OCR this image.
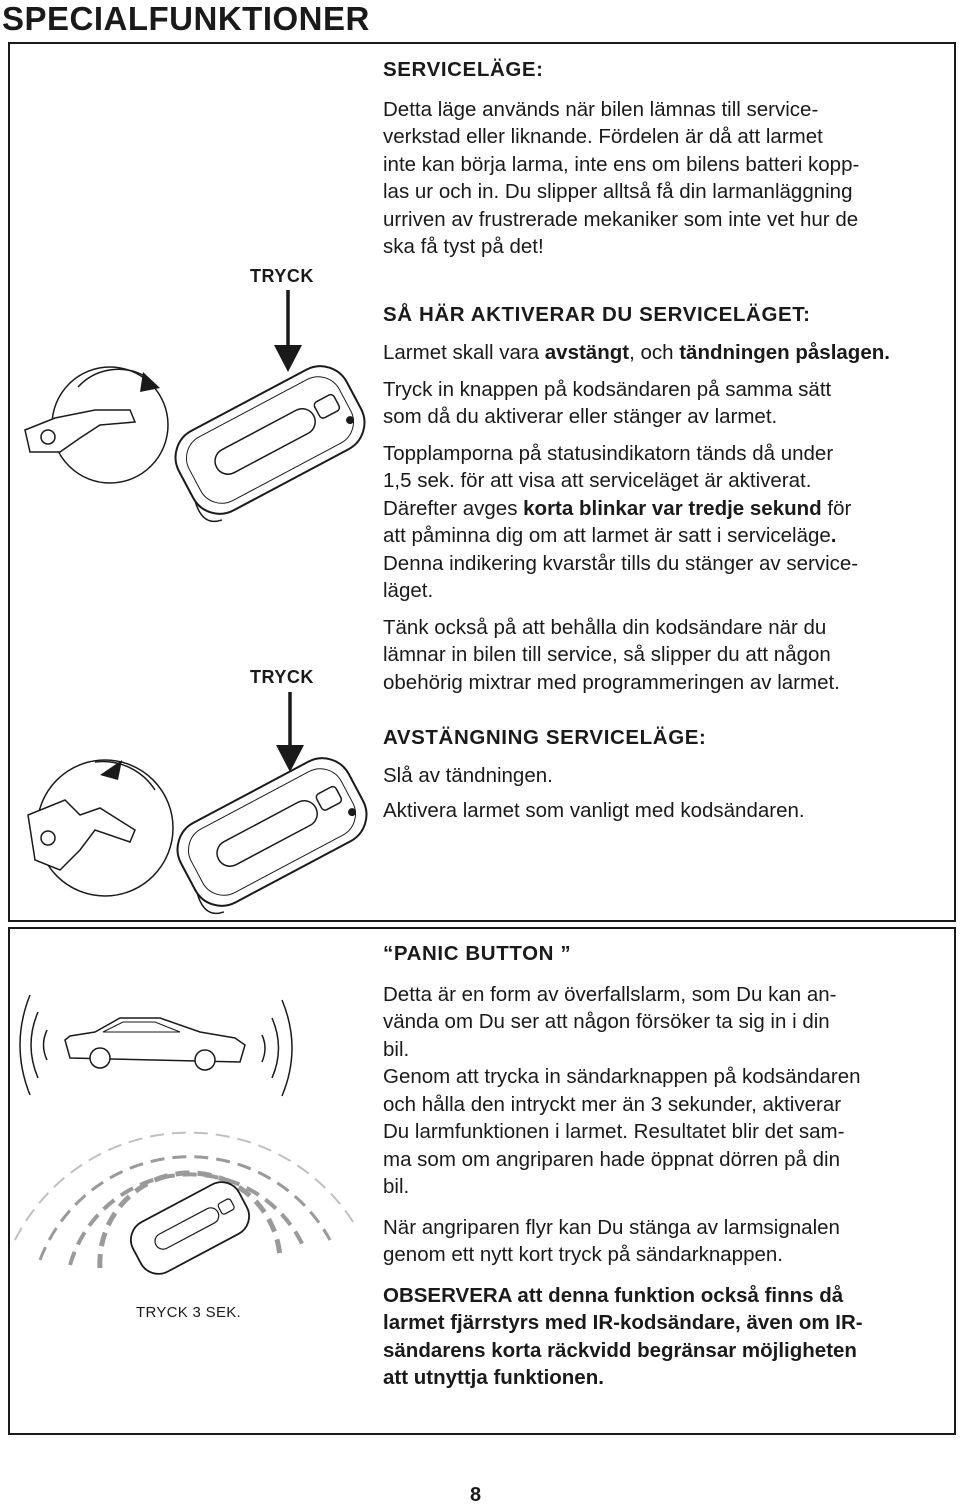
SPECIALFUNKTIONER
TRYCK
TRYCK

SERVICELÄGE:

Detta läge används när bilen lämnas till service-

verkstad eller liknande. Fördelen är då att larmet

inte kan börja larma, inte ens om bilens batteri kopp-

las ur och in. Du slipper alltså få din larmanläggning

urriven av frustrerade mekaniker som inte vet hur de

ska få tyst på det!

SÅ HÄR AKTIVERAR DU SERVICELÄGET:

Larmet skall vara avstängt, och tändningen påslagen.

Tryck in knappen på kodsändaren på samma sätt

som då du aktiverar eller stänger av larmet.

Topplamporna på statusindikatorn tänds då under

1,5 sek. för att visa att serviceläget är aktiverat.

Därefter avges korta blinkar var tredje sekund för

att påminna dig om att larmet är satt i serviceläge.

Denna indikering kvarstår tills du stänger av service-

läget.

Tänk också på att behålla din kodsändare när du

lämnar in bilen till service, så slipper du att någon

obehörig mixtrar med programmeringen av larmet.

AVSTÄNGNING SERVICELÄGE:

Slå av tändningen.

Aktivera larmet som vanligt med kodsändaren.

TRYCK 3 SEK.

“PANIC BUTTON ”

Detta är en form av överfallslarm, som Du kan an-

vända om Du ser att någon försöker ta sig in i din

bil.

Genom att trycka in sändarknappen på kodsändaren

och hålla den intryckt mer än 3 sekunder, aktiverar

Du larmfunktionen i larmet. Resultatet blir det sam-

ma som om angriparen hade öppnat dörren på din

bil.

När angriparen flyr kan Du stänga av larmsignalen

genom ett nytt kort tryck på sändarknappen.

OBSERVERA att denna funktion också finns då

larmet fjärrstyrs med IR-kodsändare, även om IR-

sändarens korta räckvidd begränsar möjligheten

att utnyttja funktionen.

8
